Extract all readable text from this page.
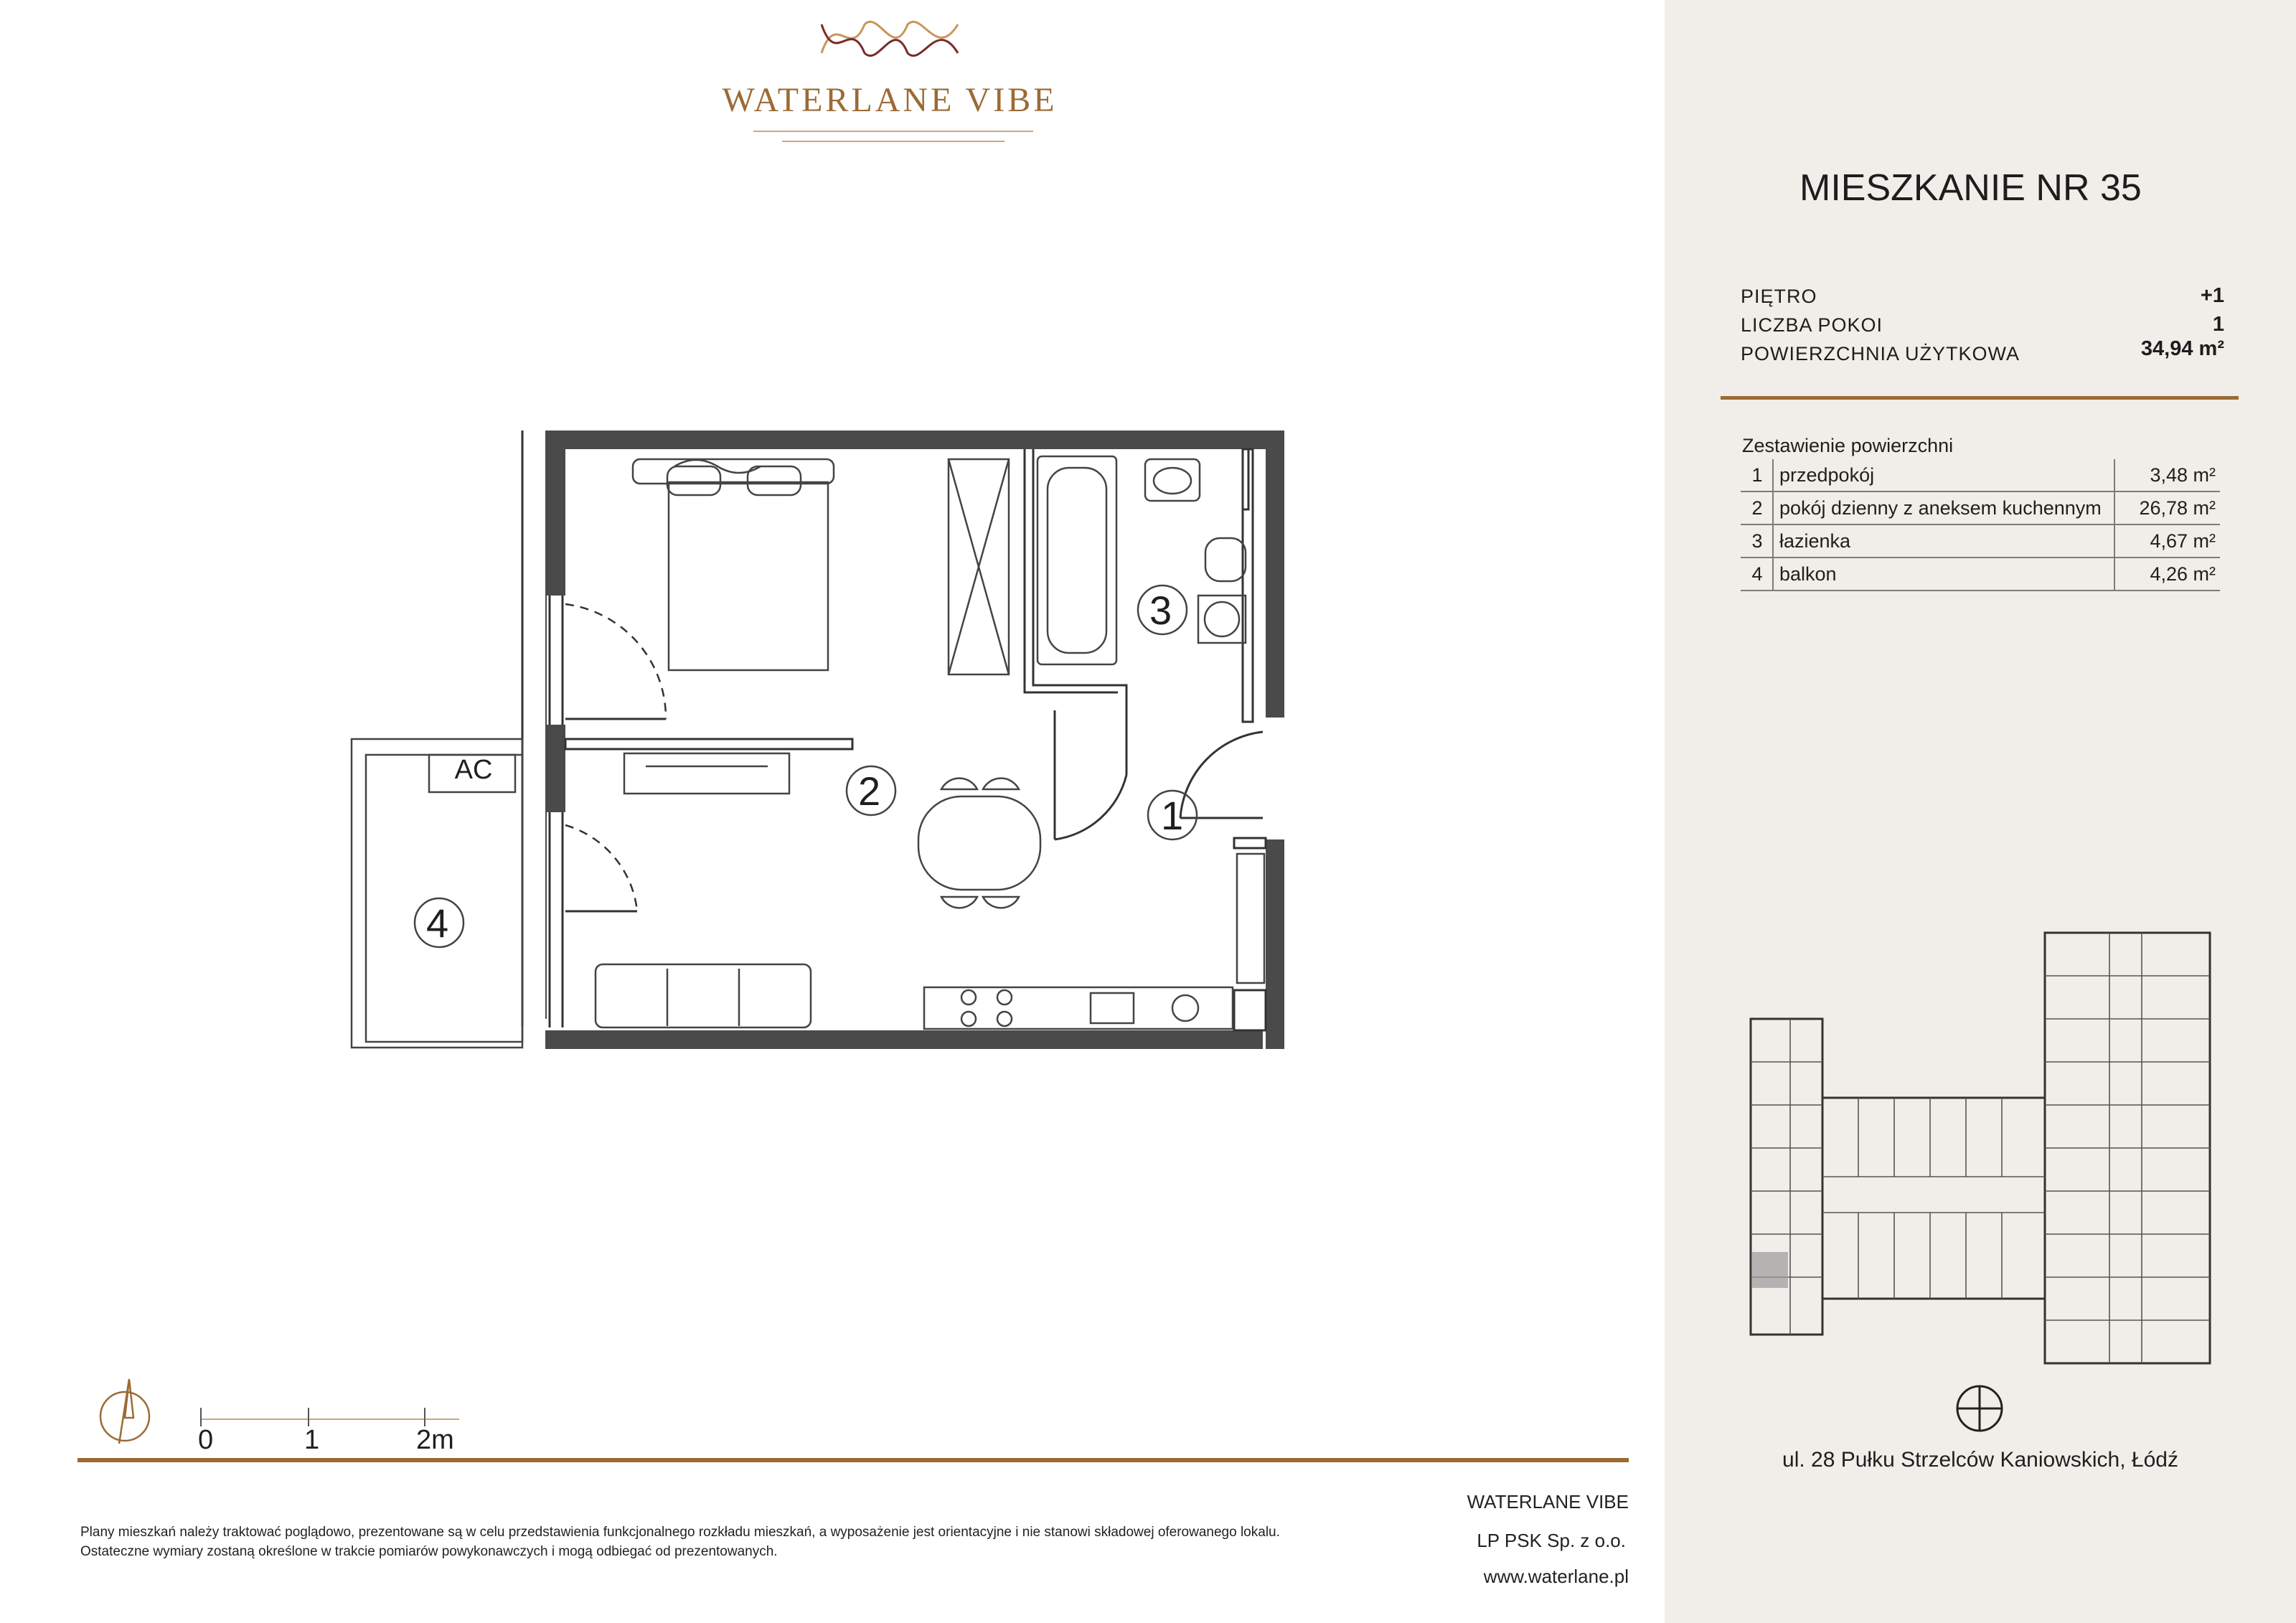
WATERLANE VIBE
MIESZKANIE NR 35
PIĘTRO	+1
LICZBA POKOI	1
POWIERZCHNIA UŻYTKOWA	34,94 m²
Zestawienie powierzchni
1	przedpokój	3,48 m²
2	pokój dzienny z aneksem kuchennym	26,78 m²
3	łazienka	4,67 m²
4	balkon	4,26 m²
ul. 28 Pułku Strzelców Kaniowskich, Łódź
3
2
1
4
AC
0	1	2m
Plany mieszkań należy traktować poglądowo, prezentowane są w celu przedstawienia funkcjonalnego rozkładu mieszkań, a wyposażenie jest orientacyjne i nie stanowi składowej oferowanego lokalu.
Ostateczne wymiary zostaną określone w trakcie pomiarów powykonawczych i mogą odbiegać od prezentowanych.
WATERLANE VIBE
LP PSK Sp. z o.o.
www.waterlane.pl
